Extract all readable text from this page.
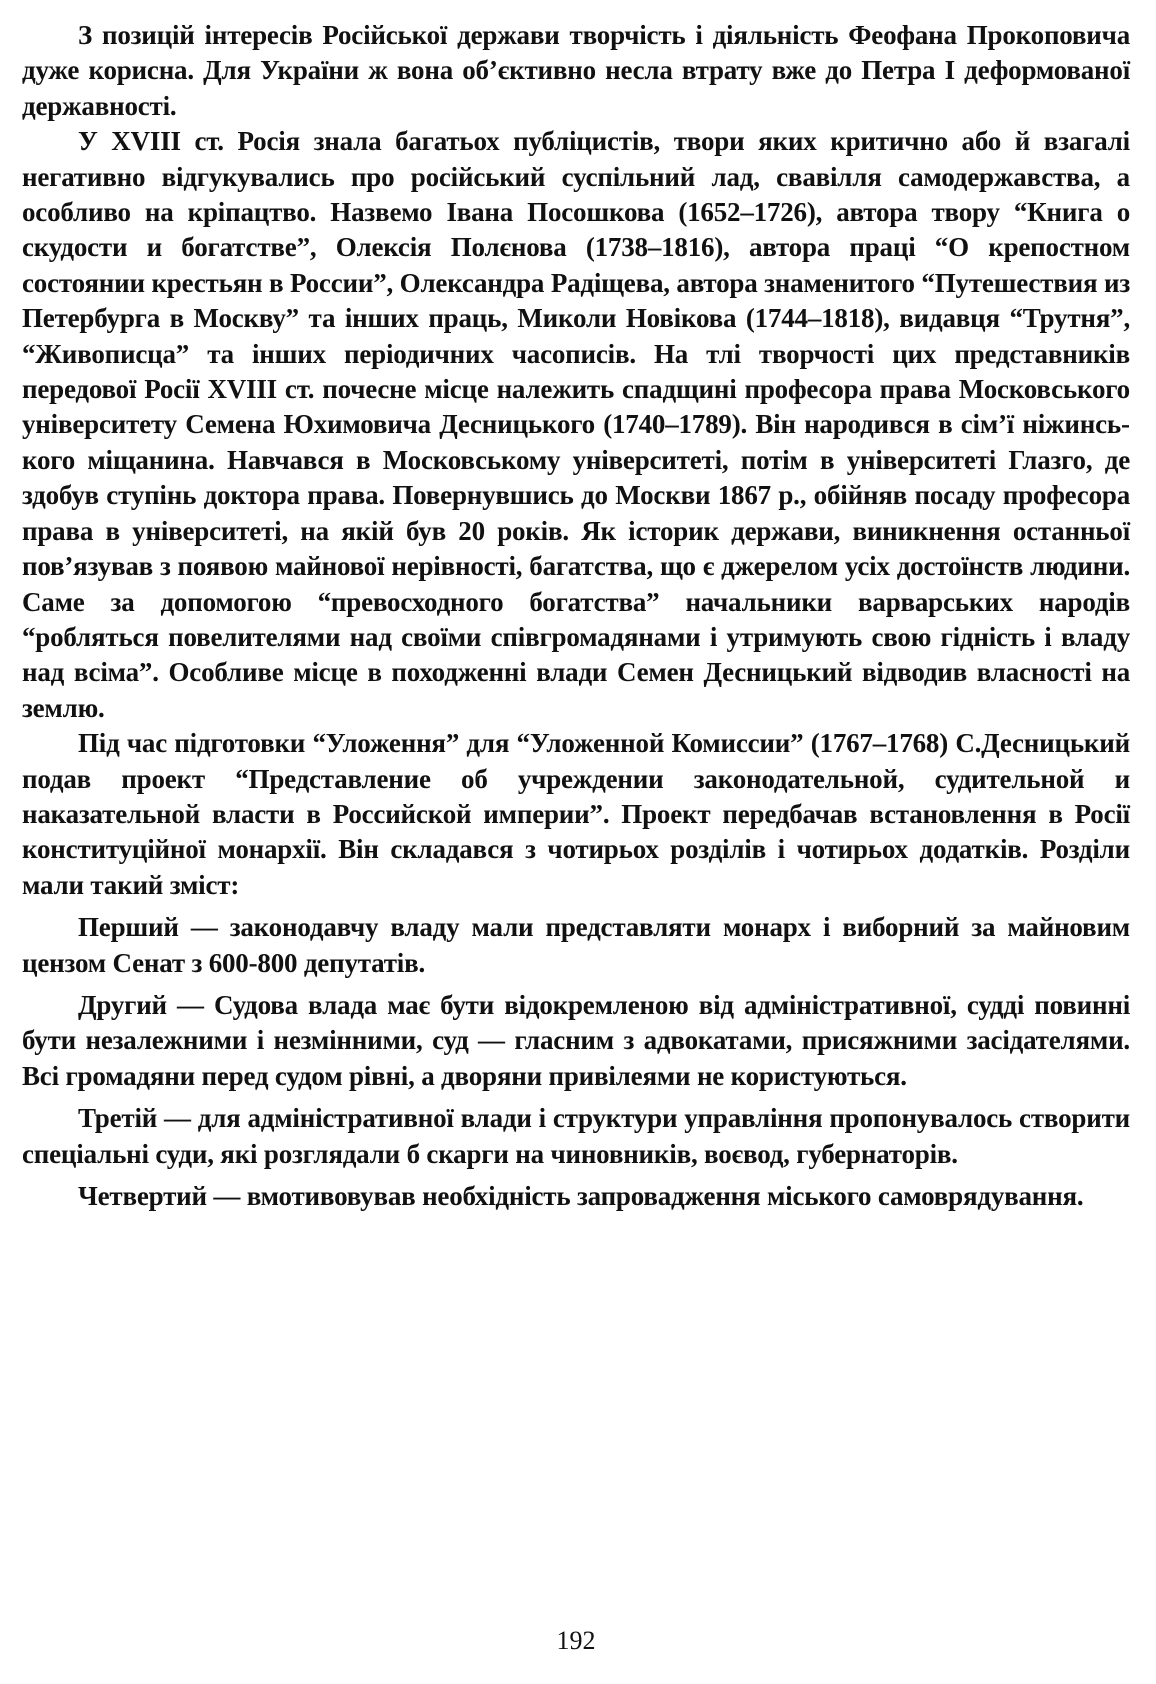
З позицій інтересів Російської держави творчість і діяльність Феофана Прокоповича дуже корисна. Для України ж вона об’єктивно несла втрату вже до Петра І деформованої державності.

У XVIII ст. Росія знала багатьох публіцистів, твори яких критично або й взагалі негативно відгукувались про російський суспільний лад, свавілля самодержавства, а особливо на кріпацтво. Назвемо Івана Посошкова (1652–1726), автора твору “Книга о скудости и богатстве”, Олексія Полєнова (1738–1816), автора праці “О крепостном состоянии крестьян в России”, Олександра Радіщева, автора знаменитого “Путешествия из Петербурга в Москву” та інших праць, Миколи Новікова (1744–1818), видавця “Трутня”, “Живописца” та інших періодичних часописів. На тлі творчості цих представників передової Росії XVIII ст. почесне місце належить спадщині професора права Московського університету Семена Юхимовича Десницького (1740–1789). Він народився в сім’ї ніжинського міщанина. Навчався в Московському університеті, потім в університеті Глазго, де здобув ступінь доктора права. Повернувшись до Москви 1867 р., обійняв посаду професора права в університеті, на якій був 20 років. Як історик держави, виникнення останньої пов’язував з появою майнової нерівності, багатства, що є джерелом усіх достоїнств людини. Саме за допомогою “превосходного богатства” начальники варварських народів “робляться повелителями над своїми співгромадянами і утримують свою гідність і владу над всіма”. Особливе місце в походженні влади Семен Десницький відводив власності на землю.

Під час підготовки “Уложення” для “Уложенной Комиссии” (1767–1768) С.Десницький подав проект “Представление об учреждении законодательной, судительной и наказательной власти в Российской империи”. Проект передбачав встановлення в Росії конституційної монархії. Він складався з чотирьох розділів і чотирьох додатків. Розділи мали такий зміст:

Перший — законодавчу владу мали представляти монарх і виборний за майновим цензом Сенат з 600-800 депутатів.

Другий — Судова влада має бути відокремленою від адміністративної, судді повинні бути незалежними і незмінними, суд — гласним з адвокатами, присяжними засідателями. Всі громадяни перед судом рівні, а дворяни привілеями не користуються.

Третій — для адміністративної влади і структури управління пропонувалось створити спеціальні суди, які розглядали б скарги на чиновників, воєвод, губернаторів.

Четвертий — вмотивовував необхідність запровадження міського самоврядування.

192
